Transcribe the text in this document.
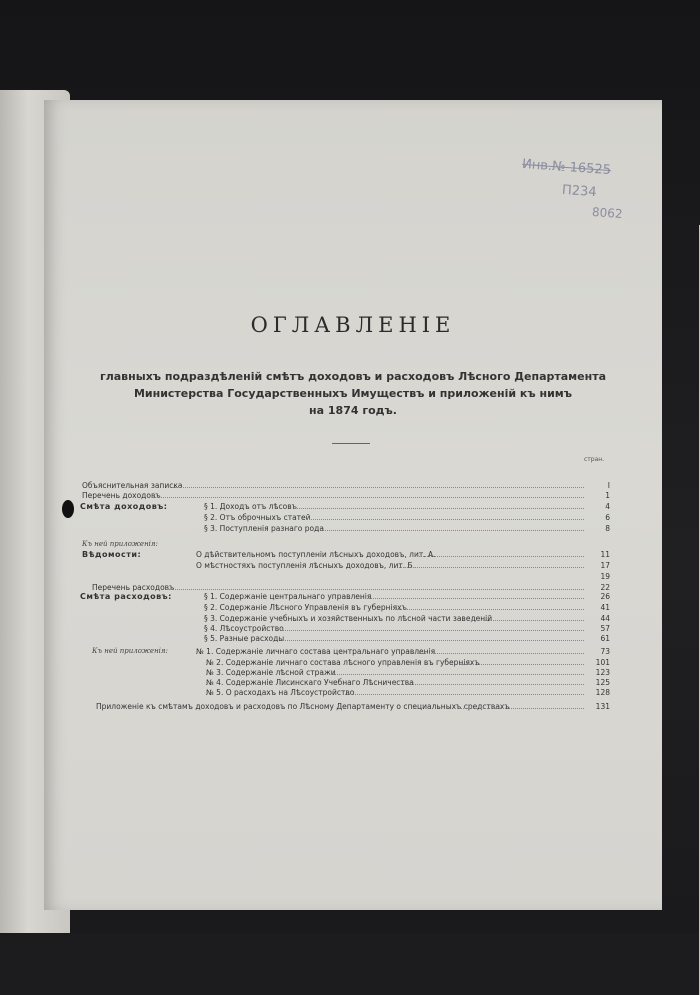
Инв.№ 16525
П234
8062
ОГЛАВЛЕНІЕ
главныхъ подраздѣленій смѣтъ доходовъ и расходовъ Лѣсного Департамента
Министерства Государственныхъ Имуществъ и приложеній къ нимъ
на 1874 годъ.
стран.
Объяснительная записка	I
Перечень доходовъ	1
Смѣта доходовъ:	§ 1. Доходъ отъ лѣсовъ	4
§ 2. Отъ оброчныхъ статей	6
§ 3. Поступленія разнаго рода	8
Къ ней приложенія:
Вѣдомости:	О дѣйствительномъ поступленіи лѣсныхъ доходовъ, лит. А.	11
О мѣстностяхъ поступленія лѣсныхъ доходовъ, лит. Б.	17
19
Перечень расходовъ	22
Смѣта расходовъ:	§ 1. Содержаніе центральнаго управленія	26
§ 2. Содержаніе Лѣсного Управленія въ губерніяхъ	41
§ 3. Содержаніе учебныхъ и хозяйственныхъ по лѣсной части заведеній	44
§ 4. Лѣсоустройство	57
§ 5. Разные расходы	61
Къ ней приложенія:	№ 1. Содержаніе личнаго состава центральнаго управленія	73
№ 2. Содержаніе личнаго состава лѣсного управленія въ губерніяхъ	101
№ 3. Содержаніе лѣсной стражи	123
№ 4. Содержаніе Лисинскаго Учебнаго Лѣсничества	125
№ 5. О расходахъ на Лѣсоустройство	128
Приложеніе къ смѣтамъ доходовъ и расходовъ по Лѣсному Департаменту о специальныхъ средствахъ	131
